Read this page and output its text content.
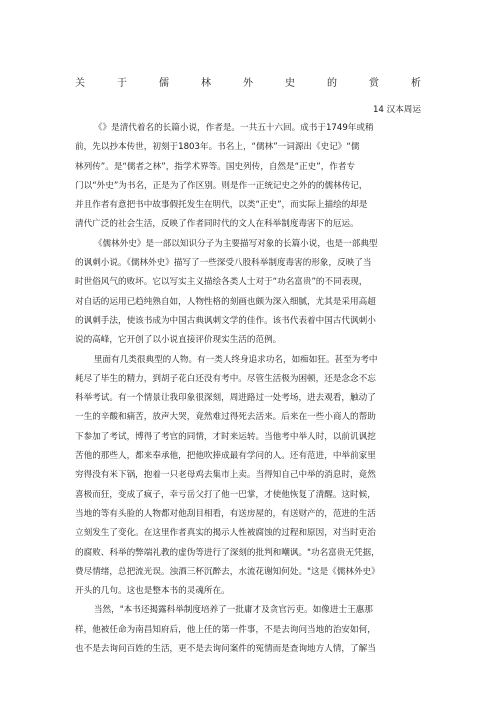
关	于	儒	林	外	史	的	赏	析
14 汉本周运

《》是清代着名的长篇小说，作者是。一共五十六回。成书于1749年或稍
前，先以抄本传世，初刻于1803年。书名上，“儒林”一词源出《史记》“儒
林列传”。是“儒者之林”，指学术界等。国史列传，自然是“正史”，作者专
门以“外史”为书名，正是为了作区别。则是作一正统记史之外的的儒林传记，
并且作者有意把书中故事假托发生在明代，以类“正史”，而实际上描绘的却是
清代广泛的社会生活，反映了作者同时代的文人在科举制度毒害下的厄运。

《儒林外史》是一部以知识分子为主要描写对象的长篇小说，也是一部典型
的讽刺小说。《儒林外史》描写了一些深受八股科举制度毒害的形象，反映了当
时世俗风气的败坏。它以写实主义描绘各类人士对于“功名富贵”的不同表现，
对自话的运用已趋纯熟自如，人物性格的刻画也颇为深入细腻，尤其是采用高超
的讽刺手法，使该书成为中国古典讽刺文学的佳作。该书代表着中国古代讽刺小
说的高峰，它开创了以小说直接评价现实生活的范例。

里面有几类很典型的人物。有一类人终身追求功名，如痴如狂。甚至为考中
耗尽了毕生的精力，到胡子花白还没有考中。尽管生活极为困顿，还是念念不忘
科举考试。有一个情景让我印象很深刻，周进路过一处考场，进去观看，触动了
一生的辛酸和痛苦，放声大哭，竟然难过得死去活来。后来在一些小商人的帮助
下参加了考试，博得了考官的同情，才时来运转。当他考中举人时，以前讥讽挖
苦他的那些人，都来奉承他，把他吹捧成最有学问的人。还有范进，中举前家里
穷得没有米下锅，抱着一只老母鸡去集市上卖。当得知自己中举的消息时，竟然
喜极而狂，变成了疯子，幸亏岳父打了他一巴掌，才使他恢复了清醒。这时候，
当地的等有头脸的人物都对他刮目相看，有送房屋的，有送财产的，范进的生活
立刻发生了变化。在这里作者真实的揭示人性被腐蚀的过程和原因，对当时吏治
的腐败、科举的弊端礼教的虚伪等进行了深刻的批判和嘲讽。"功名富贵无凭据，
费尽情绪，总把流光误。浊酒三杯沉醉去，水流花谢知何处。"这是《儒林外史》
开头的几句。这也是整本书的灵魂所在。

当然，"本书还揭露科举制度培养了一批庸才及贪官污吏。如像进士王惠那
样，他被任命为南昌知府后，他上任的第一件事，不是去询问当地的治安如何，
也不是去询问百姓的生活，更不是去询问案件的冤情而是查询地方人情，了解当
